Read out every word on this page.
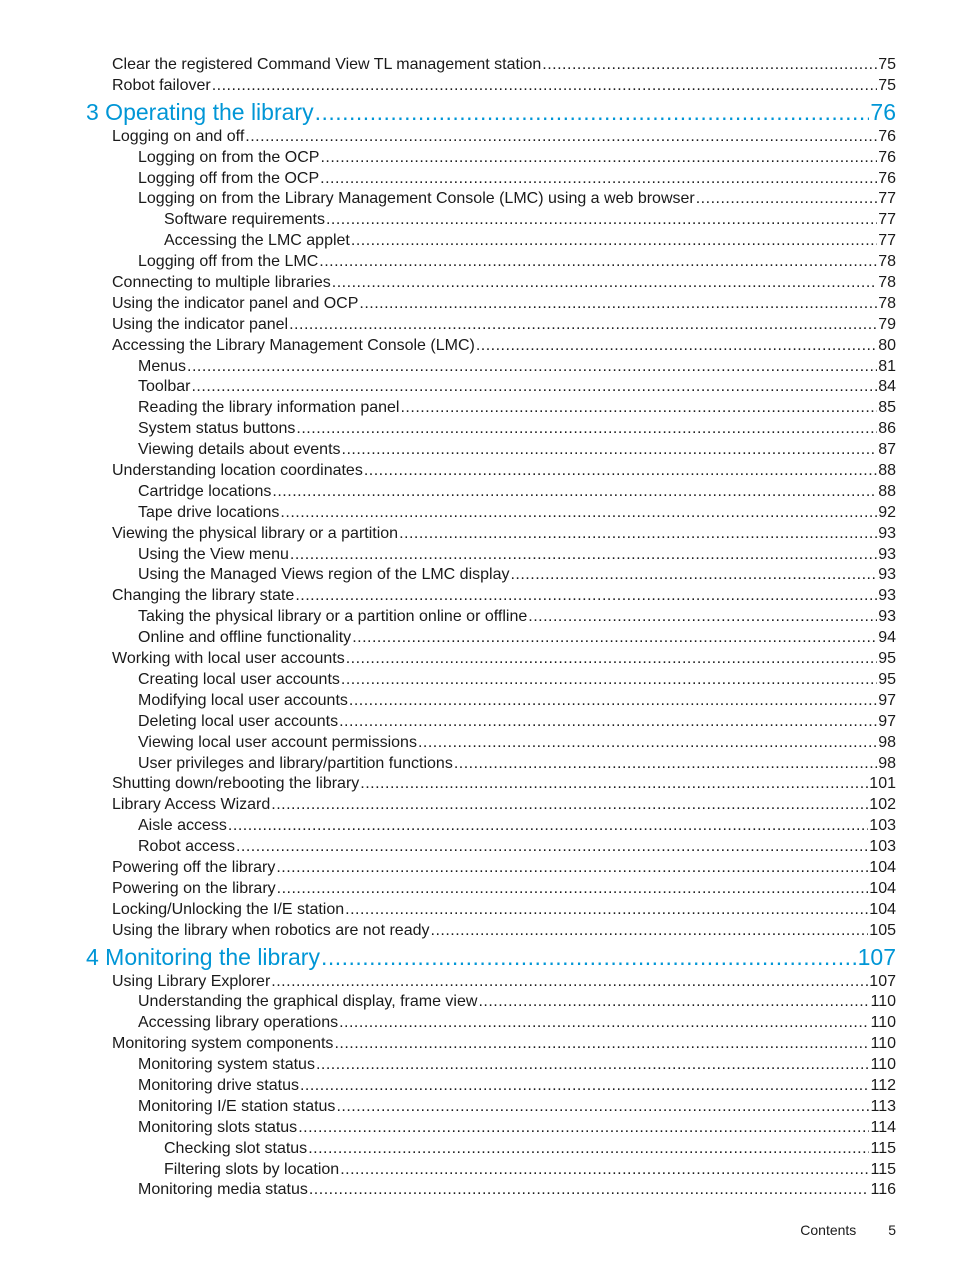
Clear the registered Command View TL management station .....	75
Robot failover .....	75
3 Operating the library .....	76
Logging on and off .....	76
Logging on from the OCP .....	76
Logging off from the OCP .....	76
Logging on from the Library Management Console (LMC) using a web browser .....	77
Software requirements .....	77
Accessing the LMC applet .....	77
Logging off from the LMC .....	78
Connecting to multiple libraries .....	78
Using the indicator panel and OCP .....	78
Using the indicator panel .....	79
Accessing the Library Management Console (LMC) .....	80
Menus .....	81
Toolbar .....	84
Reading the library information panel .....	85
System status buttons .....	86
Viewing details about events .....	87
Understanding location coordinates .....	88
Cartridge locations .....	88
Tape drive locations .....	92
Viewing the physical library or a partition .....	93
Using the View menu .....	93
Using the Managed Views region of the LMC display .....	93
Changing the library state .....	93
Taking the physical library or a partition online or offline .....	93
Online and offline functionality .....	94
Working with local user accounts .....	95
Creating local user accounts .....	95
Modifying local user accounts .....	97
Deleting local user accounts .....	97
Viewing local user account permissions .....	98
User privileges and library/partition functions .....	98
Shutting down/rebooting the library .....	101
Library Access Wizard .....	102
Aisle access .....	103
Robot access .....	103
Powering off the library .....	104
Powering on the library .....	104
Locking/Unlocking the I/E station .....	104
Using the library when robotics are not ready .....	105
4 Monitoring the library .....	107
Using Library Explorer .....	107
Understanding the graphical display, frame view .....	110
Accessing library operations .....	110
Monitoring system components .....	110
Monitoring system status .....	110
Monitoring drive status .....	112
Monitoring I/E station status .....	113
Monitoring slots status .....	114
Checking slot status .....	115
Filtering slots by location .....	115
Monitoring media status .....	116
Contents 5
